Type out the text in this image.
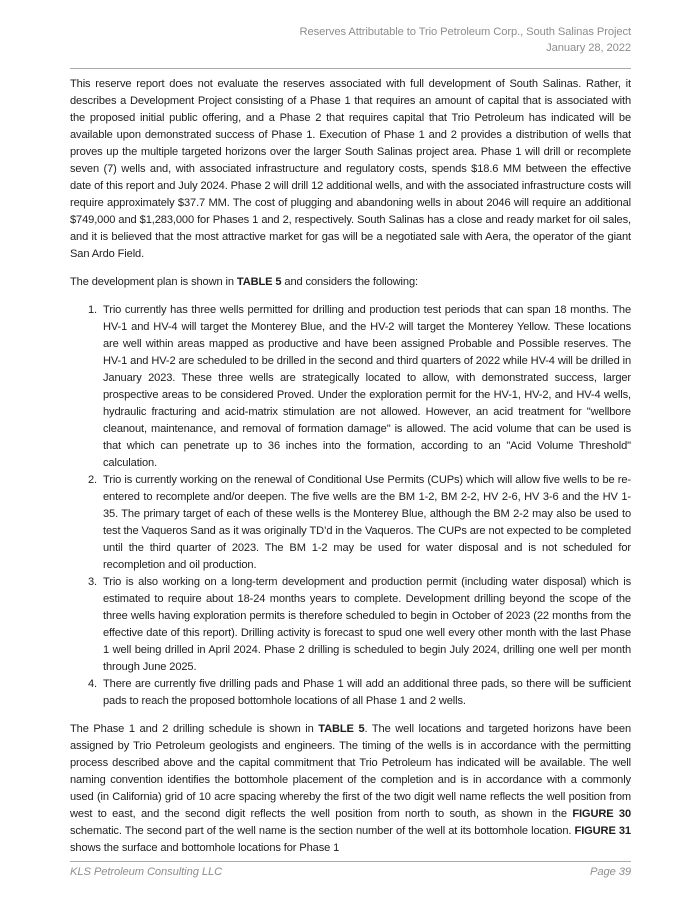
Reserves Attributable to Trio Petroleum Corp., South Salinas Project
January 28, 2022

This reserve report does not evaluate the reserves associated with full development of South Salinas. Rather, it describes a Development Project consisting of a Phase 1 that requires an amount of capital that is associated with the proposed initial public offering, and a Phase 2 that requires capital that Trio Petroleum has indicated will be available upon demonstrated success of Phase 1. Execution of Phase 1 and 2 provides a distribution of wells that proves up the multiple targeted horizons over the larger South Salinas project area. Phase 1 will drill or recomplete seven (7) wells and, with associated infrastructure and regulatory costs, spends $18.6 MM between the effective date of this report and July 2024. Phase 2 will drill 12 additional wells, and with the associated infrastructure costs will require approximately $37.7 MM. The cost of plugging and abandoning wells in about 2046 will require an additional $749,000 and $1,283,000 for Phases 1 and 2, respectively. South Salinas has a close and ready market for oil sales, and it is believed that the most attractive market for gas will be a negotiated sale with Aera, the operator of the giant San Ardo Field.

The development plan is shown in TABLE 5 and considers the following:

1. Trio currently has three wells permitted for drilling and production test periods that can span 18 months. The HV-1 and HV-4 will target the Monterey Blue, and the HV-2 will target the Monterey Yellow. These locations are well within areas mapped as productive and have been assigned Probable and Possible reserves. The HV-1 and HV-2 are scheduled to be drilled in the second and third quarters of 2022 while HV-4 will be drilled in January 2023. These three wells are strategically located to allow, with demonstrated success, larger prospective areas to be considered Proved. Under the exploration permit for the HV-1, HV-2, and HV-4 wells, hydraulic fracturing and acid-matrix stimulation are not allowed. However, an acid treatment for "wellbore cleanout, maintenance, and removal of formation damage" is allowed. The acid volume that can be used is that which can penetrate up to 36 inches into the formation, according to an "Acid Volume Threshold" calculation.
2. Trio is currently working on the renewal of Conditional Use Permits (CUPs) which will allow five wells to be re-entered to recomplete and/or deepen. The five wells are the BM 1-2, BM 2-2, HV 2-6, HV 3-6 and the HV 1-35. The primary target of each of these wells is the Monterey Blue, although the BM 2-2 may also be used to test the Vaqueros Sand as it was originally TD’d in the Vaqueros. The CUPs are not expected to be completed until the third quarter of 2023. The BM 1-2 may be used for water disposal and is not scheduled for recompletion and oil production.
3. Trio is also working on a long-term development and production permit (including water disposal) which is estimated to require about 18-24 months years to complete. Development drilling beyond the scope of the three wells having exploration permits is therefore scheduled to begin in October of 2023 (22 months from the effective date of this report). Drilling activity is forecast to spud one well every other month with the last Phase 1 well being drilled in April 2024. Phase 2 drilling is scheduled to begin July 2024, drilling one well per month through June 2025.
4. There are currently five drilling pads and Phase 1 will add an additional three pads, so there will be sufficient pads to reach the proposed bottomhole locations of all Phase 1 and 2 wells.

The Phase 1 and 2 drilling schedule is shown in TABLE 5. The well locations and targeted horizons have been assigned by Trio Petroleum geologists and engineers. The timing of the wells is in accordance with the permitting process described above and the capital commitment that Trio Petroleum has indicated will be available. The well naming convention identifies the bottomhole placement of the completion and is in accordance with a commonly used (in California) grid of 10 acre spacing whereby the first of the two digit well name reflects the well position from west to east, and the second digit reflects the well position from north to south, as shown in the FIGURE 30 schematic. The second part of the well name is the section number of the well at its bottomhole location. FIGURE 31 shows the surface and bottomhole locations for Phase 1

KLS Petroleum Consulting LLC	Page 39
